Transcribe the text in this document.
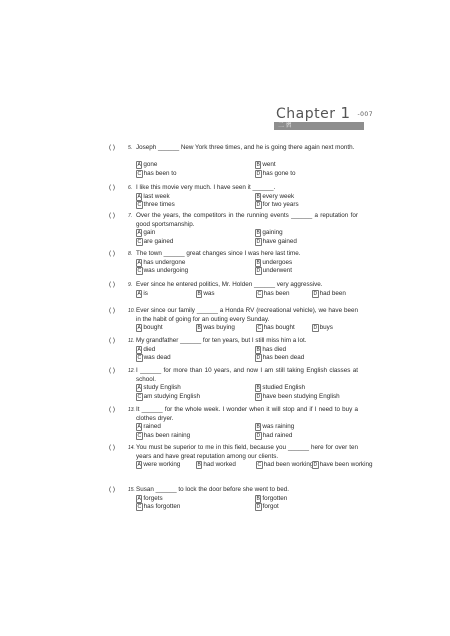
Chapter 1 -007
二 習
( )	5. Joseph ______ New York three times, and he is going there again next month.
A gone	B went
C has been to	D has gone to
( )	6. I like this movie very much. I have seen it ______.
A last week	B every week
C three times	D for two years
( )	7. Over the years, the competitors in the running events ______ a reputation for good sportsmanship.
A gain	B gaining
C are gained	D have gained
( )	8. The town ______ great changes since I was here last time.
A has undergone	B undergoes
C was undergoing	D underwent
( )	9. Ever since he entered politics, Mr. Holden ______ very aggressive.
A is	B was	C has been	D had been
( )	10. Ever since our family ______ a Honda RV (recreational vehicle), we have been in the habit of going for an outing every Sunday.
A bought	B was buying	C has bought	D buys
( )	11. My grandfather ______ for ten years, but I still miss him a lot.
A died	B has died
C was dead	D has been dead
( )	12. I ______ for more than 10 years, and now I am still taking English classes at school.
A study English	B studied English
C am studying English	D have been studying English
( )	13. It ______ for the whole week. I wonder when it will stop and if I need to buy a clothes dryer.
A rained	B was raining
C has been raining	D had rained
( )	14. You must be superior to me in this field, because you ______ here for over ten years and have great reputation among our clients.
A were working	B had worked	C had been working D have been working
( )	15. Susan ______ to lock the door before she went to bed.
A forgets	B forgotten
C has forgotten	D forgot
